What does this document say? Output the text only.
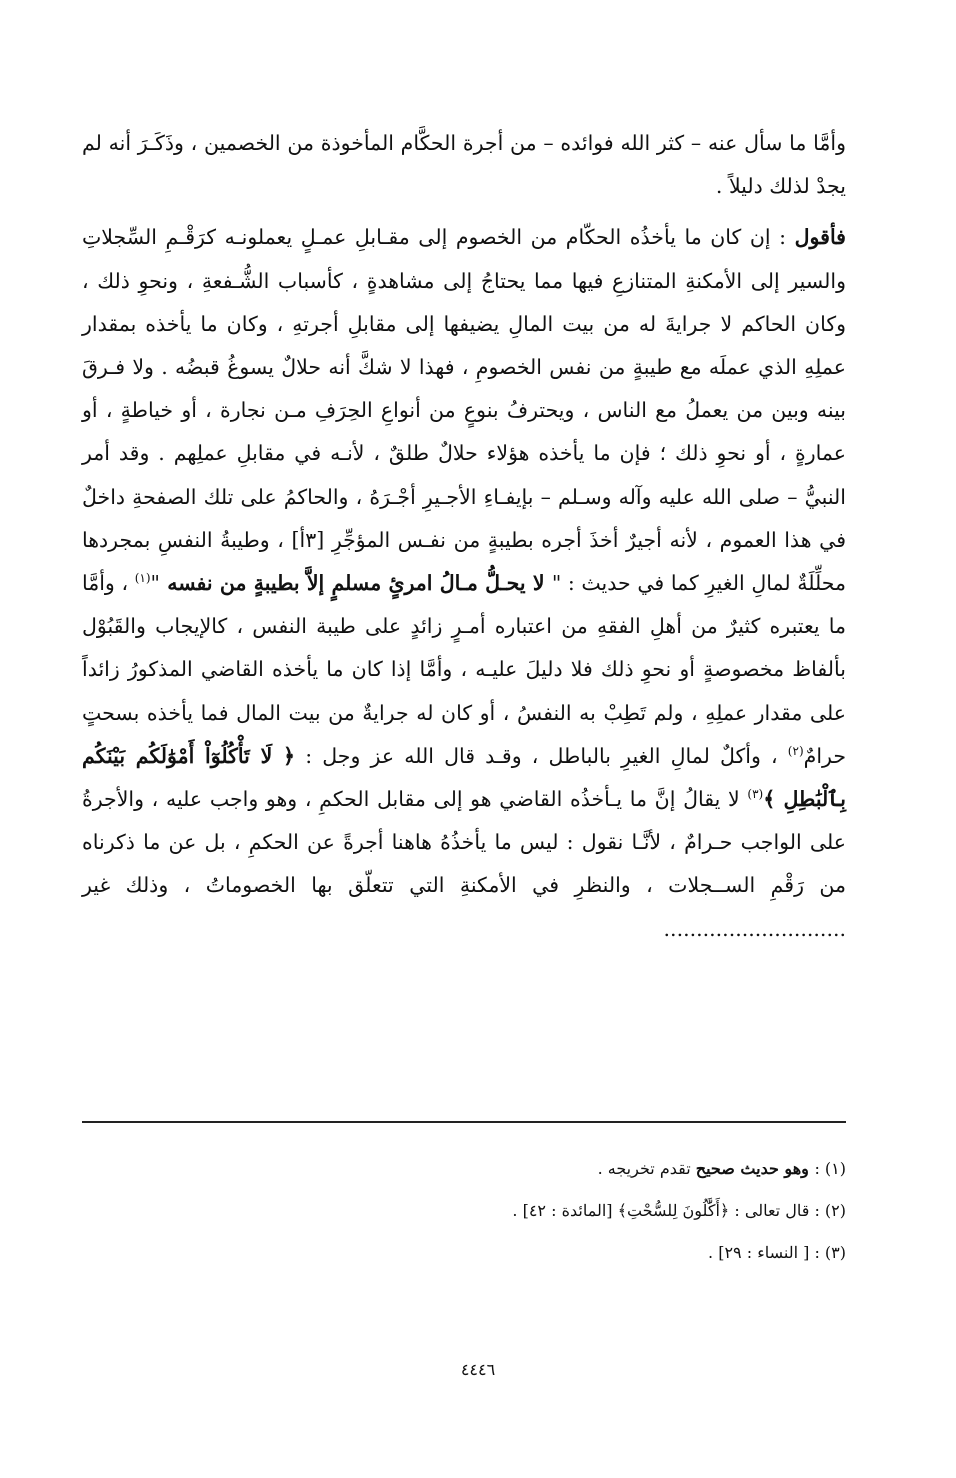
وأمَّا ما سأل عنه – كثر الله فوائده – من أجرة الحكَّام المأخوذة من الخصمين ، وذَكَـرَ أنه لم يجدْ لذلك دليلاً .

فأقول : إن كان ما يأخذُه الحكّام من الخصوم إلى مقـابلِ عمـلٍ يعملونـه كرَقْـمِ السِّجلاتِ والسير إلى الأمكنةِ المتنازعِ فيها مما يحتاجُ إلى مشاهدةٍ ، كأسباب الشُّـفعةِ ، ونحوِ ذلك ، وكان الحاكم لا جرايةَ له من بيت المالِ يضيفها إلى مقابلِ أجرتهِ ، وكان ما يأخذه بمقدار عملِهِ الذي عملَه مع طيبةٍ من نفس الخصومِ ، فهذا لا شكَّ أنه حلالٌ يسوغُ قبضُه . ولا فـرقَ بينه وبين من يعملُ مع الناس ، ويحترفُ بنوعٍ من أنواعِ الحِرَفِ مـن نجارة ، أو خياطةٍ ، أو عمارةٍ ، أو نحوِ ذلك ؛ فإن ما يأخذه هؤلاء حلالٌ طلقٌ ، لأنـه في مقابلِ عملِهم . وقد أمر النبيُّ – صلى الله عليه وآله وسـلم – بإيفـاءِ الأجـيرِ أجْـرَهُ ، والحاكمُ على تلك الصفحةِ داخلٌ في هذا العموم ، لأنه أجيرٌ أخذَ أجره بطيبةٍ من نفـس المؤجِّرِ [٣أ] ، وطيبةُ النفسِ بمجردها محلِّلَةٌ لمالِ الغيرِ كما في حديث : " لا يحـلُّ مـالُ امرئٍ مسلمٍ إلاَّ بطيبةٍ من نفسه "$^{(١)}$ ، وأمَّا ما يعتبره كثيرٌ من أهلِ الفقهِ من اعتباره أمـرٍ زائدٍ على طيبة النفس ، كالإيجاب والقَبُوْل بألفاظ مخصوصةٍ أو نحوِ ذلك فلا دليلَ عليـه ، وأمَّا إذا كان ما يأخذه القاضي المذكورُ زائداً على مقدار عملِهِ ، ولم تَطِبْ به النفسُ ، أو كان له جرايةٌ من بيت المال فما يأخذه بسحتٍ حرامٌ$^{(٢)}$ ، وأكلٌ لمالِ الغيرِ بالباطل ، وقـد قال الله عز وجل : ﴿ لَا تَأْكُلُوٓاْ أَمْوَٰلَكُم بَيْنَكُم بِٱلْبَٰطِلِ ﴾$^{(٣)}$ لا يقالُ إنَّ ما يـأخذُه القاضي هو إلى مقابل الحكمِ ، وهو واجب عليه ، والأجرةُ على الواجب حـرامٌ ، لأنَّـا نقول : ليس ما يأخذُهُ هاهنا أجرةً عن الحكمِ ، بل عن ما ذكرناه من رَقْمِ الســجلات ، والنظرِ في الأمكنةِ التي تتعلّق بها الخصوماتُ ، وذلك غير ............................

(١) : وهو حديث صحيح تقدم تخريجه .

(٢) : قال تعالى : ﴿أَكَّٰلُونَ لِلسُّحْتِ﴾ [المائدة : ٤٢] .

(٣) : [ النساء : ٢٩] .

٤٤٤٦
